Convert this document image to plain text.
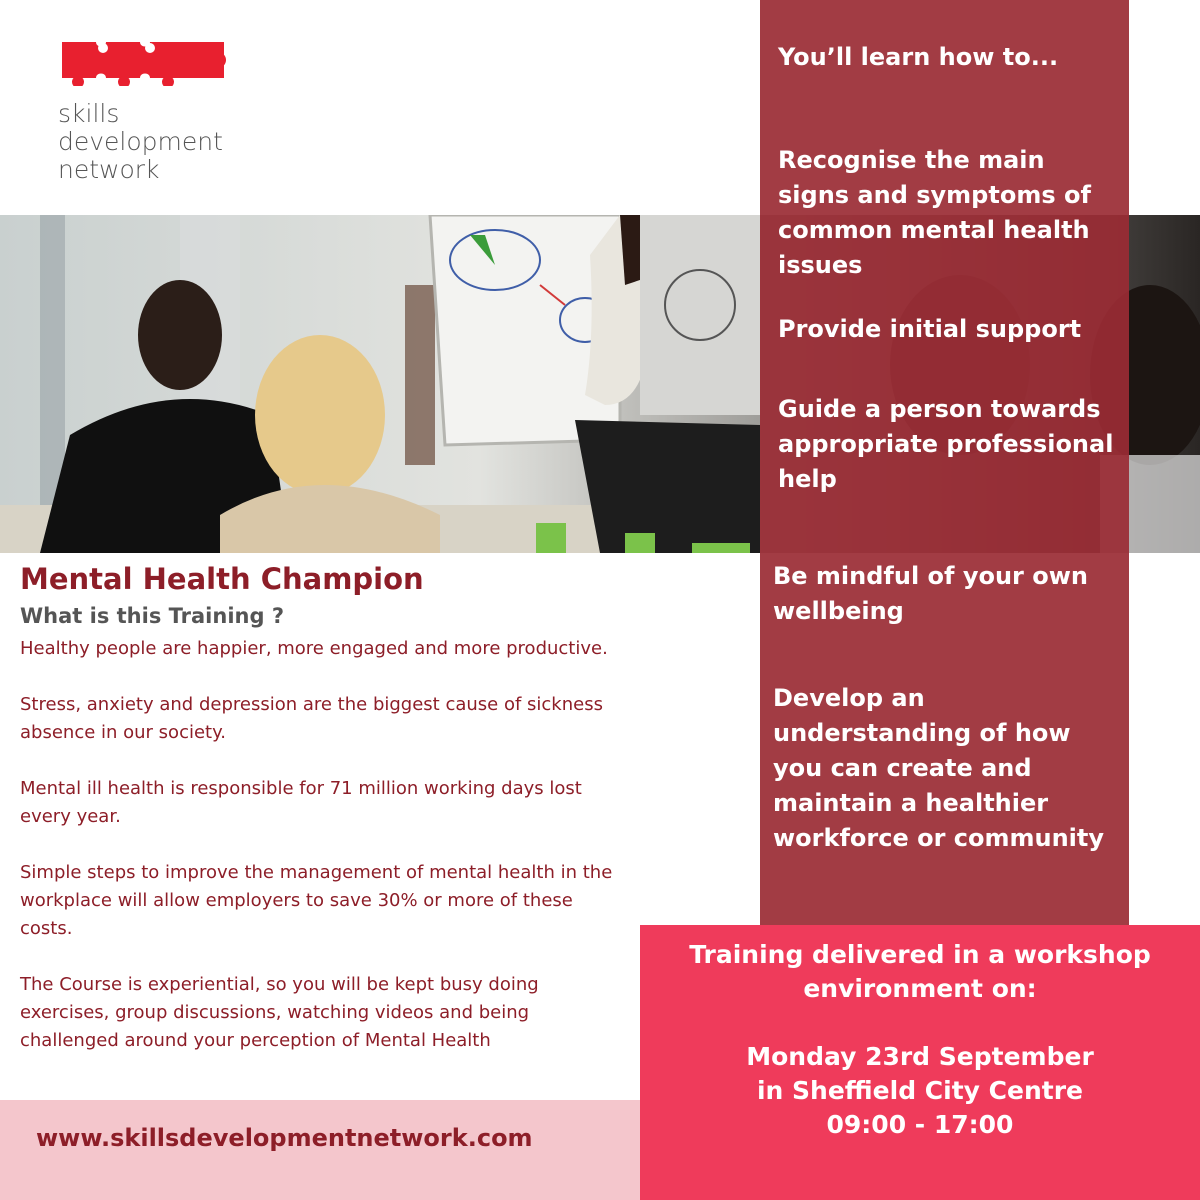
skills
development
network
You’ll learn how to...
Recognise the main signs and symptoms of common mental health issues
Provide initial support
Guide a person towards appropriate professional help
Be mindful of your own wellbeing
Develop an understanding of how you can create and maintain a healthier workforce or community
Mental Health Champion
What is this Training ?

Healthy people are happier, more engaged and more productive.

Stress, anxiety and depression are the biggest cause of sickness absence in our society.

Mental ill health is responsible for 71 million working days lost every year.

Simple steps to improve the management of mental health in the workplace will allow employers to save 30% or more of these costs.

The Course is experiential, so you will be kept busy doing exercises, group discussions, watching videos and being challenged around your perception of Mental Health

www.skillsdevelopmentnetwork.com
Training delivered in a workshop
environment on:
Monday 23rd September
in Sheffield City Centre
09:00 - 17:00
